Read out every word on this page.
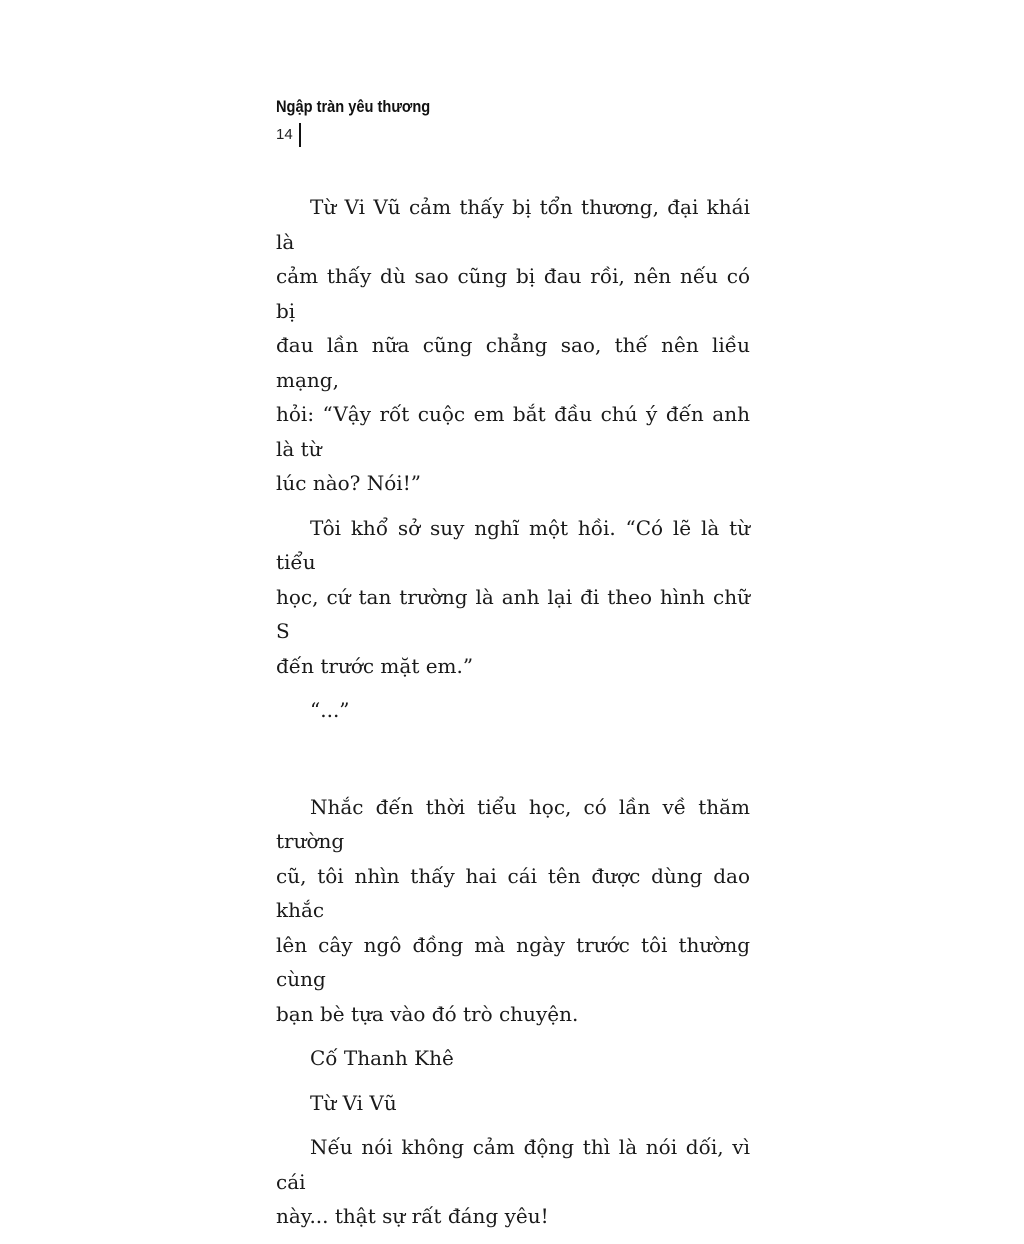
Ngập tràn yêu thương
14

Từ Vi Vũ cảm thấy bị tổn thương, đại khái là
cảm thấy dù sao cũng bị đau rồi, nên nếu có bị
đau lần nữa cũng chẳng sao, thế nên liều mạng,
hỏi: “Vậy rốt cuộc em bắt đầu chú ý đến anh là từ
lúc nào? Nói!”

Tôi khổ sở suy nghĩ một hồi. “Có lẽ là từ tiểu
học, cứ tan trường là anh lại đi theo hình chữ S
đến trước mặt em.”

“...”

Nhắc đến thời tiểu học, có lần về thăm trường
cũ, tôi nhìn thấy hai cái tên được dùng dao khắc
lên cây ngô đồng mà ngày trước tôi thường cùng
bạn bè tựa vào đó trò chuyện.

Cố Thanh Khê

Từ Vi Vũ

Nếu nói không cảm động thì là nói dối, vì cái
này... thật sự rất đáng yêu!
